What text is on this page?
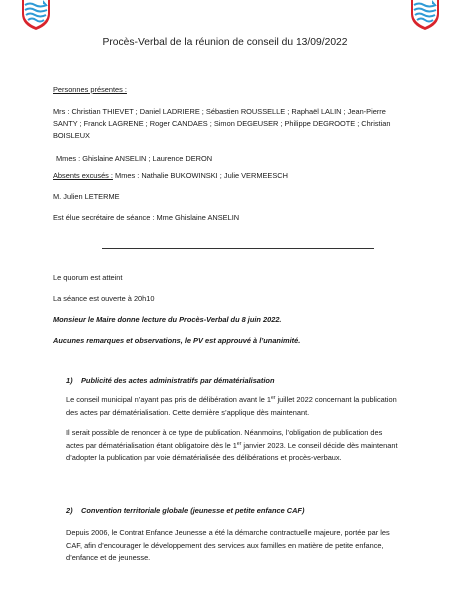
Procès-Verbal de la réunion de conseil du 13/09/2022
Personnes présentes :
Mrs : Christian THIEVET ; Daniel LADRIERE ; Sébastien ROUSSELLE ; Raphaël LALIN ; Jean-Pierre SANTY ; Franck LAGRENE ; Roger CANDAES ; Simon DEGEUSER ; Philippe DEGROOTE ; Christian BOISLEUX
Mmes : Ghislaine ANSELIN ; Laurence DERON
Absents excusés : Mmes : Nathalie BUKOWINSKI ; Julie VERMEESCH
M. Julien LETERME
Est élue secrétaire de séance : Mme Ghislaine ANSELIN
Le quorum est atteint
La séance est ouverte à 20h10
Monsieur le Maire donne lecture du Procès-Verbal du 8 juin 2022.
Aucunes remarques et observations, le PV est approuvé à l’unanimité.
1) Publicité des actes administratifs par dématérialisation
Le conseil municipal n’ayant pas pris de délibération avant le 1er juillet 2022 concernant la publication des actes par dématérialisation. Cette dernière s’applique dès maintenant.
Il serait possible de renoncer à ce type de publication. Néanmoins, l’obligation de publication des actes par dématérialisation étant obligatoire dès le 1er janvier 2023. Le conseil décide dès maintenant d’adopter la publication par voie dématérialisée des délibérations et procès-verbaux.
2) Convention territoriale globale (jeunesse et petite enfance CAF)
Depuis 2006, le Contrat Enfance Jeunesse a été la démarche contractuelle majeure, portée par les CAF, afin d’encourager le développement des services aux familles en matière de petite enfance, d’enfance et de jeunesse.
